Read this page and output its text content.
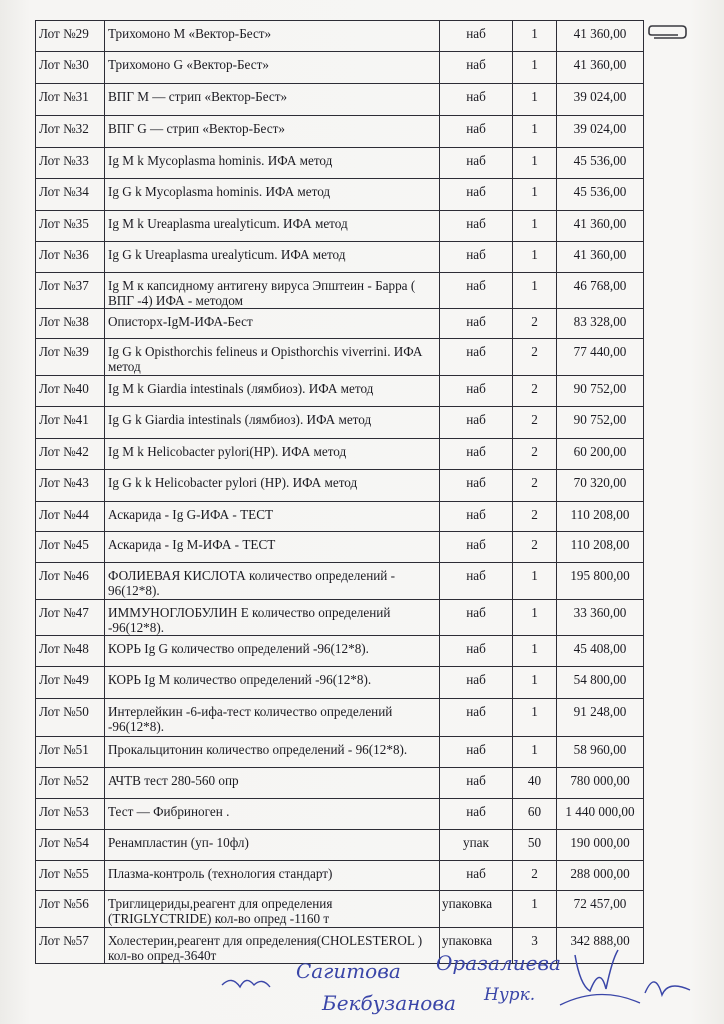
Лот №29	Трихомоно М «Вектор-Бест»	наб	1	41 360,00
Лот №30	Трихомоно G «Вектор-Бест»	наб	1	41 360,00
Лот №31	ВПГ М — стрип «Вектор-Бест»	наб	1	39 024,00
Лот №32	ВПГ G — стрип «Вектор-Бест»	наб	1	39 024,00
Лот №33	Ig М k Mycoplasma hominis. ИФА метод	наб	1	45 536,00
Лот №34	Ig G k Mycoplasma hominis. ИФА метод	наб	1	45 536,00
Лот №35	Ig M k Ureaplasma urealyticum. ИФА метод	наб	1	41 360,00
Лот №36	Ig G k Ureaplasma urealyticum. ИФА метод	наб	1	41 360,00
Лот №37	Ig М к капсидному антигену вируса Эпштеин - Барра ( ВПГ -4) ИФА - методом	наб	1	46 768,00
Лот №38	Описторх-IgM-ИФА-Бест	наб	2	83 328,00
Лот №39	Ig G k Opisthorchis felineus и Opisthorchis viverrini. ИФА метод	наб	2	77 440,00
Лот №40	Ig M k Giardia intestinals (лямбиоз). ИФА метод	наб	2	90 752,00
Лот №41	Ig G k Giardia intestinals (лямбиоз). ИФА метод	наб	2	90 752,00
Лот №42	Ig M k Helicobacter pylori(HP). ИФА метод	наб	2	60 200,00
Лот №43	Ig G k k Helicobacter pylori (HP). ИФА метод	наб	2	70 320,00
Лот №44	Аскарида - Ig G-ИФА - ТЕСТ	наб	2	110 208,00
Лот №45	Аскарида - Ig М-ИФА - ТЕСТ	наб	2	110 208,00
Лот №46	ФОЛИЕВАЯ КИСЛОТА количество определений - 96(12*8).	наб	1	195 800,00
Лот №47	ИММУНОГЛОБУЛИН Е количество определений -96(12*8).	наб	1	33 360,00
Лот №48	КОРЬ Ig G количество определений -96(12*8).	наб	1	45 408,00
Лот №49	КОРЬ Ig М количество определений -96(12*8).	наб	1	54 800,00
Лот №50	Интерлейкин -6-ифа-тест количество определений -96(12*8).	наб	1	91 248,00
Лот №51	Прокальцитонин количество определений - 96(12*8).	наб	1	58 960,00
Лот №52	АЧТВ тест 280-560 опр	наб	40	780 000,00
Лот №53	Тест — Фибриноген .	наб	60	1 440 000,00
Лот №54	Ренампластин (уп- 10фл)	упак	50	190 000,00
Лот №55	Плазма-контроль (технология стандарт)	наб	2	288 000,00
Лот №56	Триглицериды,реагент для определения (TRIGLYCTRIDE) кол-во опред -1160 т	упаковка	1	72 457,00
Лот №57	Холестерин,реагент для определения(CHOLESTEROL ) кол-во опред-3640т	упаковка	3	342 888,00
Сагитова Оразалиева
Бекбузанова Нурк.
